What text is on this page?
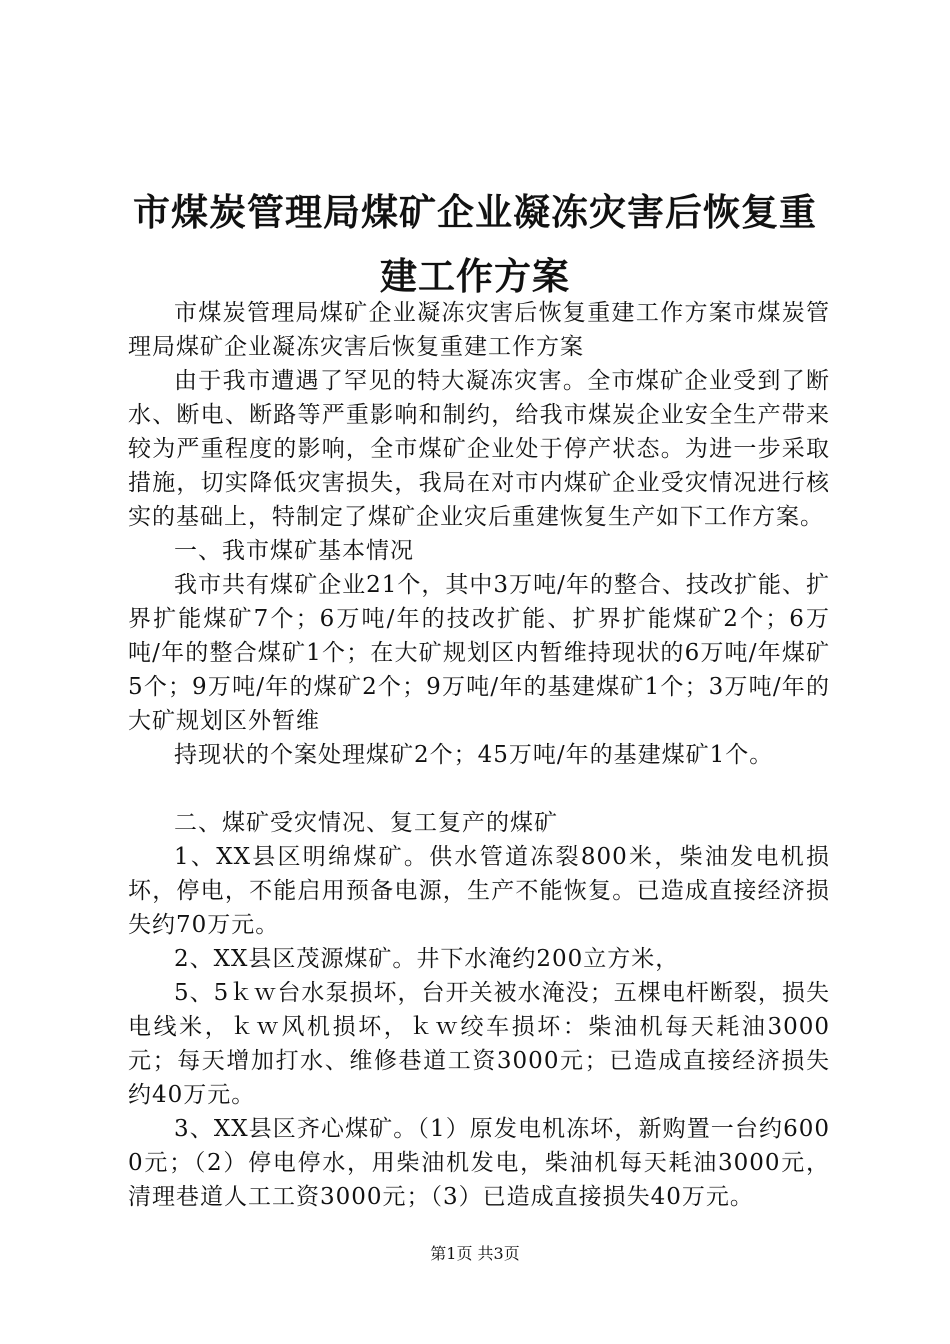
市煤炭管理局煤矿企业凝冻灾害后恢复重建工作方案

市煤炭管理局煤矿企业凝冻灾害后恢复重建工作方案市煤炭管理局煤矿企业凝冻灾害后恢复重建工作方案

由于我市遭遇了罕见的特大凝冻灾害。全市煤矿企业受到了断水、断电、断路等严重影响和制约，给我市煤炭企业安全生产带来较为严重程度的影响，全市煤矿企业处于停产状态。为进一步采取措施，切实降低灾害损失，我局在对市内煤矿企业受灾情况进行核实的基础上，特制定了煤矿企业灾后重建恢复生产如下工作方案。

一、我市煤矿基本情况

我市共有煤矿企业21个，其中3万吨/年的整合、技改扩能、扩界扩能煤矿7个；6万吨/年的技改扩能、扩界扩能煤矿2个；6万吨/年的整合煤矿1个；在大矿规划区内暂维持现状的6万吨/年煤矿5个；9万吨/年的煤矿2个；9万吨/年的基建煤矿1个；3万吨/年的大矿规划区外暂维

持现状的个案处理煤矿2个；45万吨/年的基建煤矿1个。

二、煤矿受灾情况、复工复产的煤矿

1、XX县区明绵煤矿。供水管道冻裂800米，柴油发电机损坏，停电，不能启用预备电源，生产不能恢复。已造成直接经济损失约70万元。

2、XX县区茂源煤矿。井下水淹约200立方米，

5、5ｋｗ台水泵损坏，台开关被水淹没；五棵电杆断裂，损失电线米，ｋｗ风机损坏，ｋｗ绞车损坏：柴油机每天耗油3000元；每天增加打水、维修巷道工资3000元；已造成直接经济损失约40万元。

3、XX县区齐心煤矿。（1）原发电机冻坏，新购置一台约6000元；（2）停电停水，用柴油机发电，柴油机每天耗油3000元，清理巷道人工工资3000元；（3）已造成直接损失40万元。

第1页 共3页
